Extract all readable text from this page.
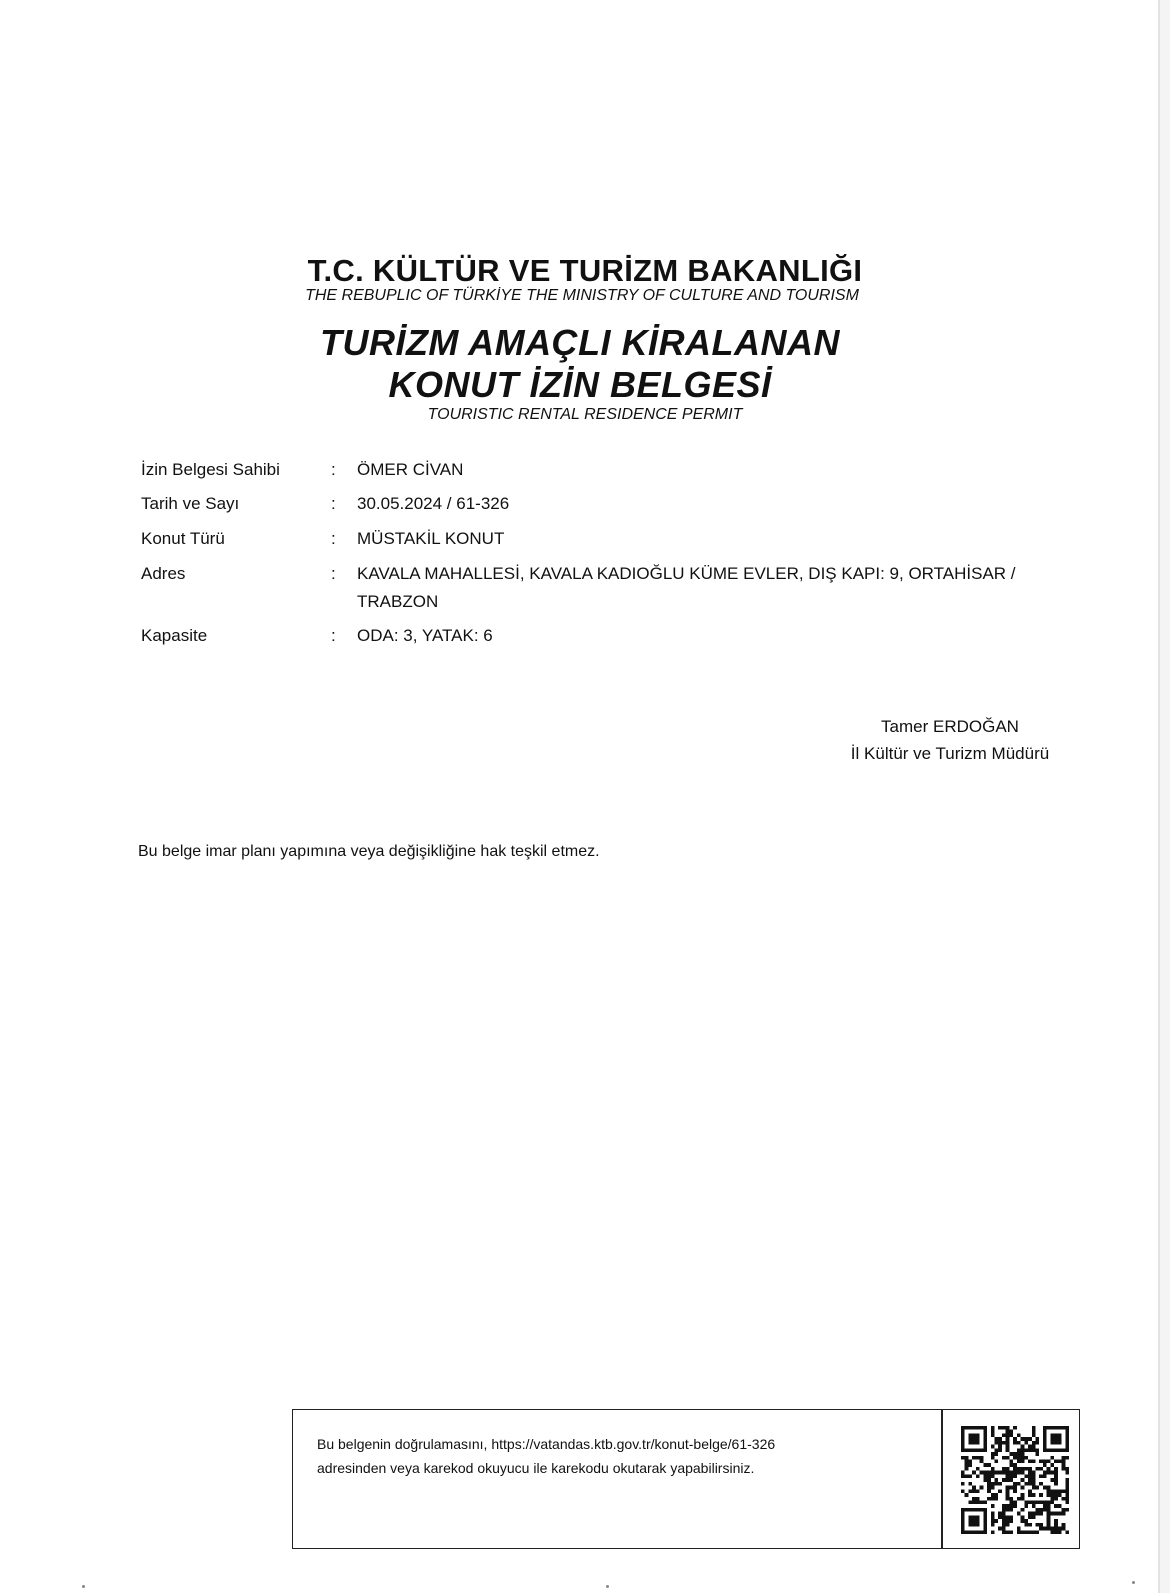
T.C. KÜLTÜR VE TURİZM BAKANLIĞI
THE REBUPLIC OF TÜRKİYE THE MINISTRY OF CULTURE AND TOURISM
TURİZM AMAÇLI KİRALANAN
KONUT İZİN BELGESİ
TOURISTIC RENTAL RESIDENCE PERMIT
İzin Belgesi Sahibi	: ÖMER CİVAN
Tarih ve Sayı	: 30.05.2024 / 61-326
Konut Türü	: MÜSTAKİL KONUT
Adres	: KAVALA MAHALLESİ, KAVALA KADIOĞLU KÜME EVLER, DIŞ KAPI: 9, ORTAHİSAR / TRABZON
Kapasite	: ODA: 3, YATAK: 6
Tamer ERDOĞAN
İl Kültür ve Turizm Müdürü
Bu belge imar planı yapımına veya değişikliğine hak teşkil etmez.
Bu belgenin doğrulamasını, https://vatandas.ktb.gov.tr/konut-belge/61-326
adresinden veya karekod okuyucu ile karekodu okutarak yapabilirsiniz.
